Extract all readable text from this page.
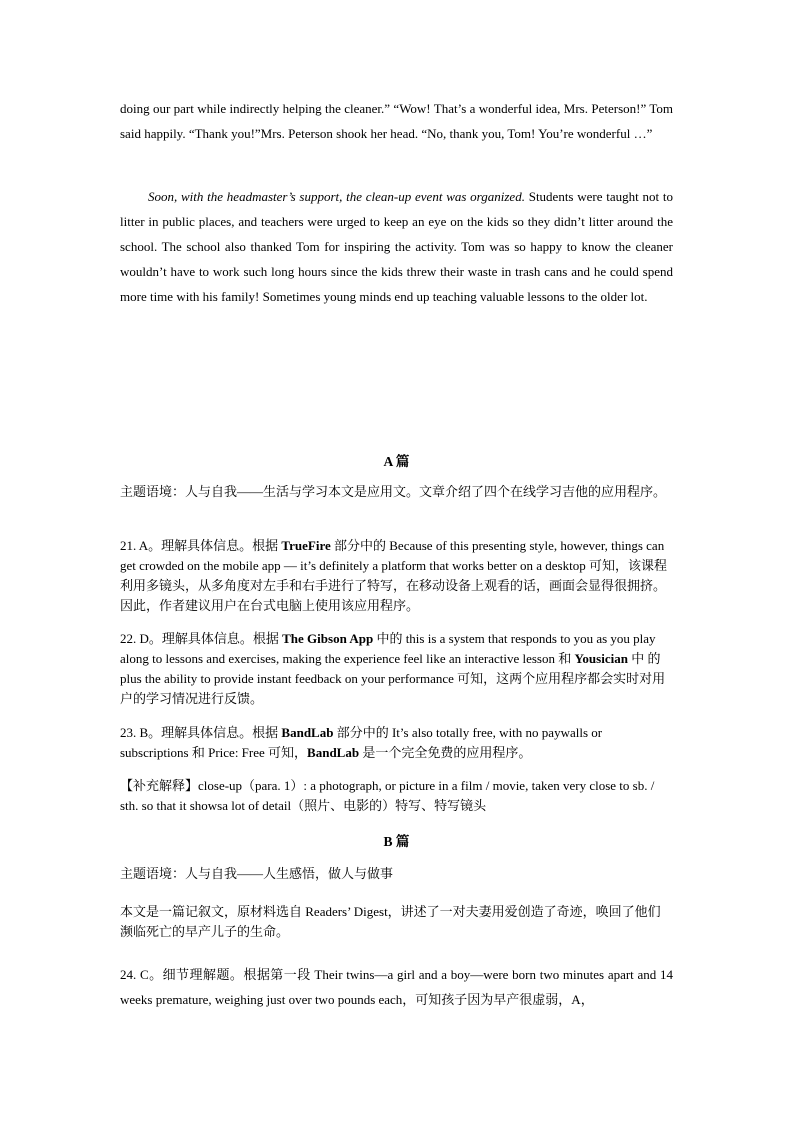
doing our part while indirectly helping the cleaner.” “Wow! That’s a wonderful idea, Mrs. Peterson!” Tom said happily. “Thank you!”Mrs. Peterson shook her head. “No, thank you, Tom! You’re wonderful …”

Soon, with the headmaster’s support, the clean-up event was organized. Students were taught not to litter in public places, and teachers were urged to keep an eye on the kids so they didn’t litter around the school. The school also thanked Tom for inspiring the activity. Tom was so happy to know the cleaner wouldn’t have to work such long hours since the kids threw their waste in trash cans and he could spend more time with his family! Sometimes young minds end up teaching valuable lessons to the older lot.

A 篇

主题语境：人与自我——生活与学习本文是应用文。文章介绍了四个在线学习吉他的应用程序。

21. A。理解具体信息。根据 TrueFire 部分中的 Because of this presenting style, however, things can get crowded on the mobile app — it’s definitely a platform that works better on a desktop 可知，该课程利用多镜头，从多角度对左手和右手进行了特写，在移动设备上观看的话，画面会显得很拥挤。因此，作者建议用户在台式电脑上使用该应用程序。

22. D。理解具体信息。根据 The Gibson App 中的 this is a system that responds to you as you play along to lessons and exercises, making the experience feel like an interactive lesson 和 Yousician 中 的 plus the ability to provide instant feedback on your performance 可知，这两个应用程序都会实时对用户的学习情况进行反馈。

23. B。理解具体信息。根据 BandLab 部分中的 It’s also totally free, with no paywalls or subscriptions 和 Price: Free 可知，BandLab 是一个完全免费的应用程序。

【补充解释】close-up（para. 1）: a photograph, or picture in a film / movie, taken very close to sb. / sth. so that it showsa lot of detail（照片、电影的）特写、特写镜头

B 篇

主题语境：人与自我——人生感悟，做人与做事

本文是一篇记叙文，原材料选自 Readers’ Digest，讲述了一对夫妻用爱创造了奇迹，唤回了他们濒临死亡的早产儿子的生命。

24. C。细节理解题。根据第一段 Their twins—a girl and a boy—were born two minutes apart and 14 weeks premature, weighing just over two pounds each，可知孩子因为早产很虚弱，A，
